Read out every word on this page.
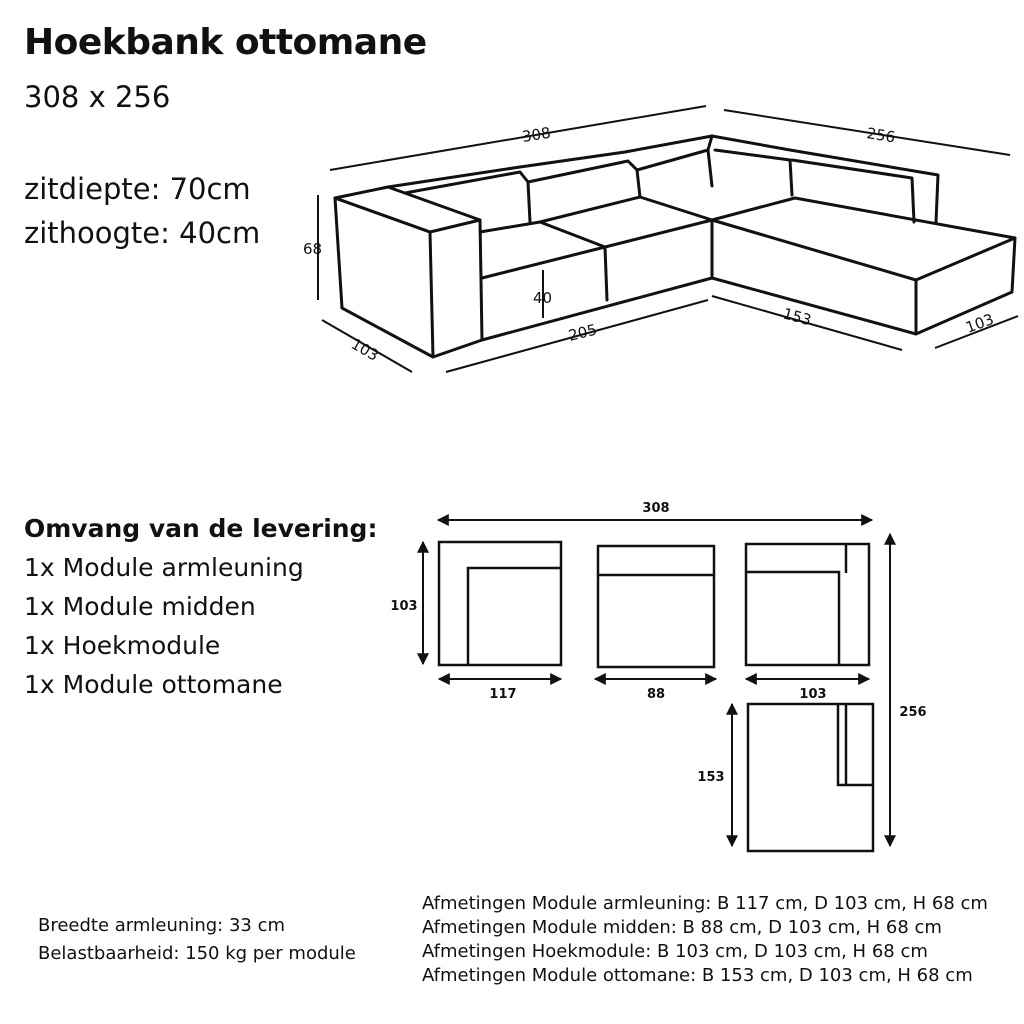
Hoekbank ottomane
308 x 256
zitdiepte: 70cm
zithoogte: 40cm
308	256
68
103
40
205
153	103
308
103
117	88	103
256
153
Omvang van de levering:
1x Module armleuning
1x Module midden
1x Hoekmodule
1x Module ottomane
Breedte armleuning: 33 cm
Belastbaarheid: 150 kg per module
Afmetingen Module armleuning: B 117 cm, D 103 cm, H 68 cm
Afmetingen Module midden: B 88 cm, D 103 cm, H 68 cm
Afmetingen Hoekmodule: B 103 cm, D 103 cm, H 68 cm
Afmetingen Module ottomane: B 153 cm, D 103 cm, H 68 cm
